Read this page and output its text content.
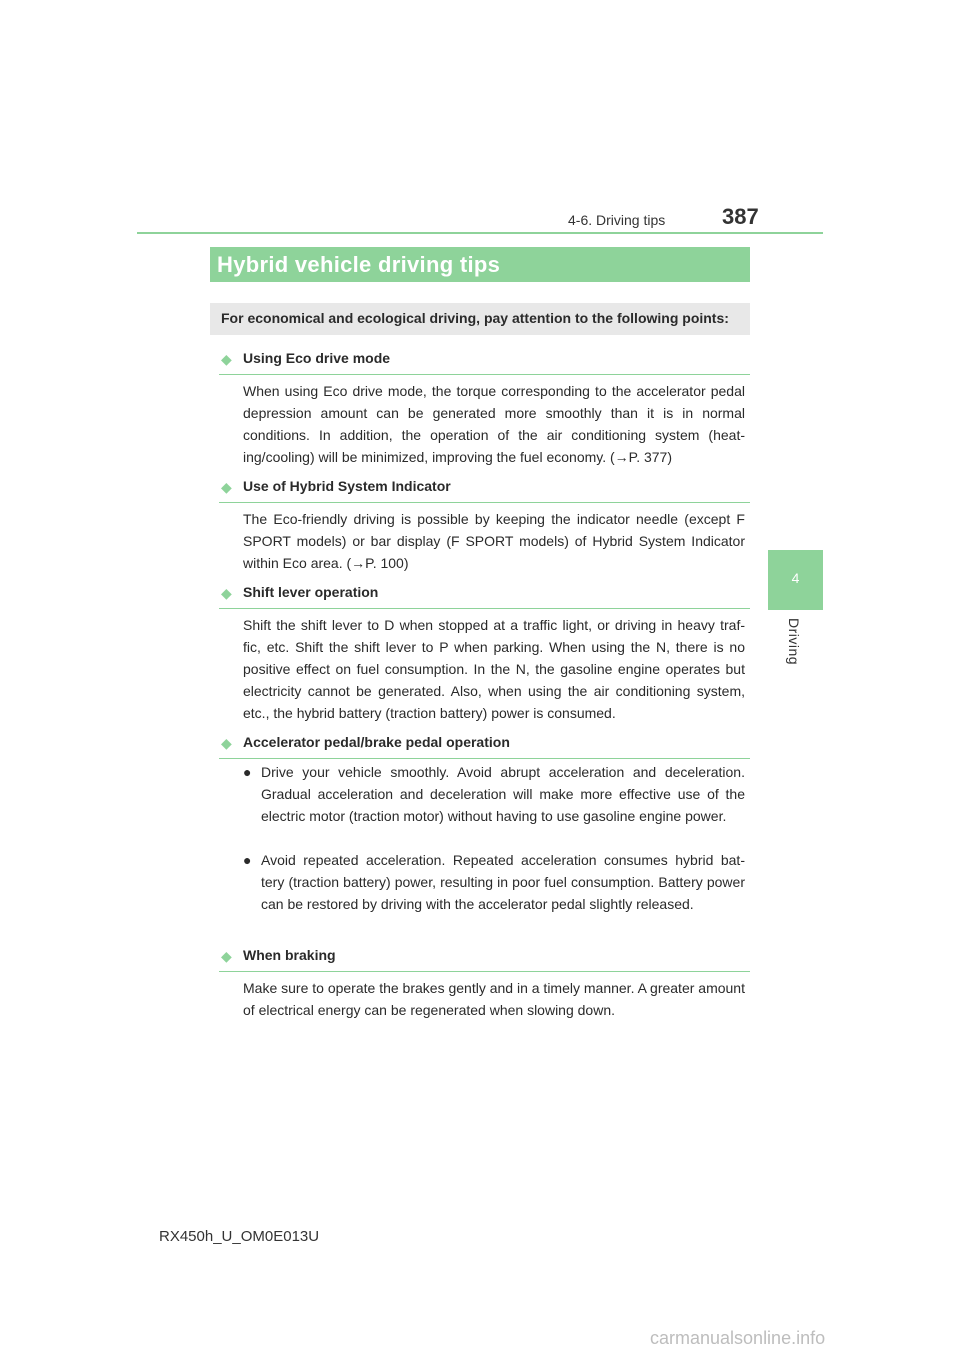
4-6. Driving tips	387
4
Driving
Hybrid vehicle driving tips
For economical and ecological driving, pay attention to the following points:
◆ Using Eco drive mode
When using Eco drive mode, the torque corresponding to the accelerator pedal depression amount can be generated more smoothly than it is in normal conditions. In addition, the operation of the air conditioning system (heat- ing/cooling) will be minimized, improving the fuel economy. (→P. 377)
◆ Use of Hybrid System Indicator
The Eco-friendly driving is possible by keeping the indicator needle (except F SPORT models) or bar display (F SPORT models) of Hybrid System Indicator within Eco area. (→P. 100)
◆ Shift lever operation
Shift the shift lever to D when stopped at a traffic light, or driving in heavy traf- fic, etc. Shift the shift lever to P when parking. When using the N, there is no positive effect on fuel consumption. In the N, the gasoline engine operates but electricity cannot be generated. Also, when using the air conditioning system, etc., the hybrid battery (traction battery) power is consumed.
◆ Accelerator pedal/brake pedal operation
● Drive your vehicle smoothly. Avoid abrupt acceleration and deceleration. Gradual acceleration and deceleration will make more effective use of the electric motor (traction motor) without having to use gasoline engine power.
● Avoid repeated acceleration. Repeated acceleration consumes hybrid bat- tery (traction battery) power, resulting in poor fuel consumption. Battery power can be restored by driving with the accelerator pedal slightly released.
◆ When braking
Make sure to operate the brakes gently and in a timely manner. A greater amount of electrical energy can be regenerated when slowing down.
RX450h_U_OM0E013U
carmanualsonline.info
